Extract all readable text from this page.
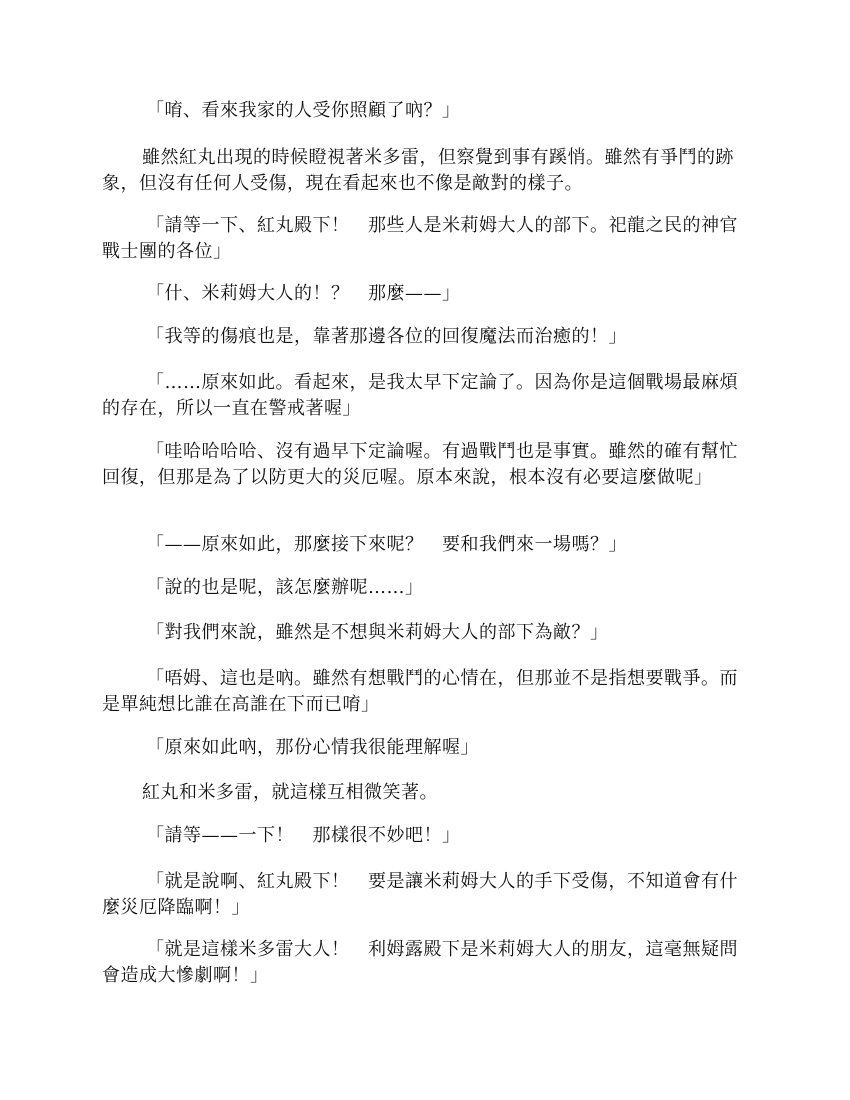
「唷、看來我家的人受你照顧了吶？」

雖然紅丸出現的時候瞪視著米多雷，但察覺到事有蹊悄。雖然有爭鬥的跡象，但沒有任何人受傷，現在看起來也不像是敵對的樣子。

「請等一下、紅丸殿下！　那些人是米莉姆大人的部下。祀龍之民的神官戰士團的各位」

「什、米莉姆大人的！？　那麼——」

「我等的傷痕也是，靠著那邊各位的回復魔法而治癒的！」

「……原來如此。看起來，是我太早下定論了。因為你是這個戰場最麻煩的存在，所以一直在警戒著喔」

「哇哈哈哈哈、沒有過早下定論喔。有過戰鬥也是事實。雖然的確有幫忙回復，但那是為了以防更大的災厄喔。原本來說，根本沒有必要這麼做呢」

「——原來如此，那麼接下來呢？　要和我們來一場嗎？」

「說的也是呢，該怎麼辦呢……」

「對我們來說，雖然是不想與米莉姆大人的部下為敵？」

「唔姆、這也是吶。雖然有想戰鬥的心情在，但那並不是指想要戰爭。而是單純想比誰在高誰在下而已唷」

「原來如此吶，那份心情我很能理解喔」

紅丸和米多雷，就這樣互相微笑著。

「請等——一下！　那樣很不妙吧！」

「就是說啊、紅丸殿下！　要是讓米莉姆大人的手下受傷，不知道會有什麼災厄降臨啊！」

「就是這樣米多雷大人！　利姆露殿下是米莉姆大人的朋友，這毫無疑問會造成大慘劇啊！」
